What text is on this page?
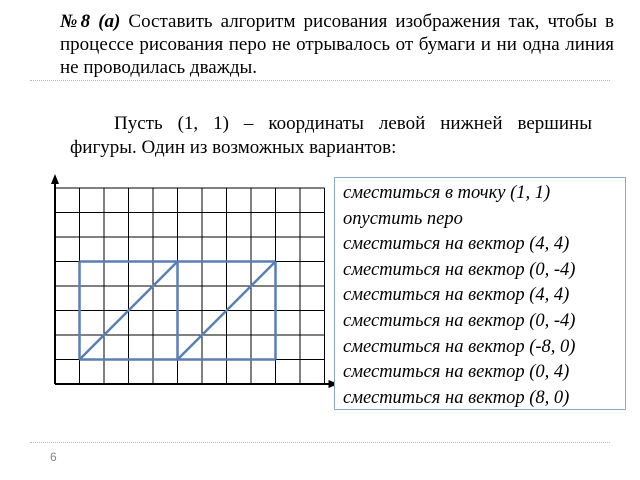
№8 (а) Составить алгоритм рисования изображения так, чтобы в процессе рисования перо не отрывалось от бумаги и ни одна линия не проводилась дважды.
Пусть (1, 1) – координаты левой нижней вершины фигуры. Один из возможных вариантов:
сместиться в точку (1, 1)
опустить перо
сместиться на вектор (4, 4)
сместиться на вектор (0, -4)
сместиться на вектор (4, 4)
сместиться на вектор (0, -4)
сместиться на вектор (-8, 0)
сместиться на вектор (0, 4)
сместиться на вектор (8, 0)
6
